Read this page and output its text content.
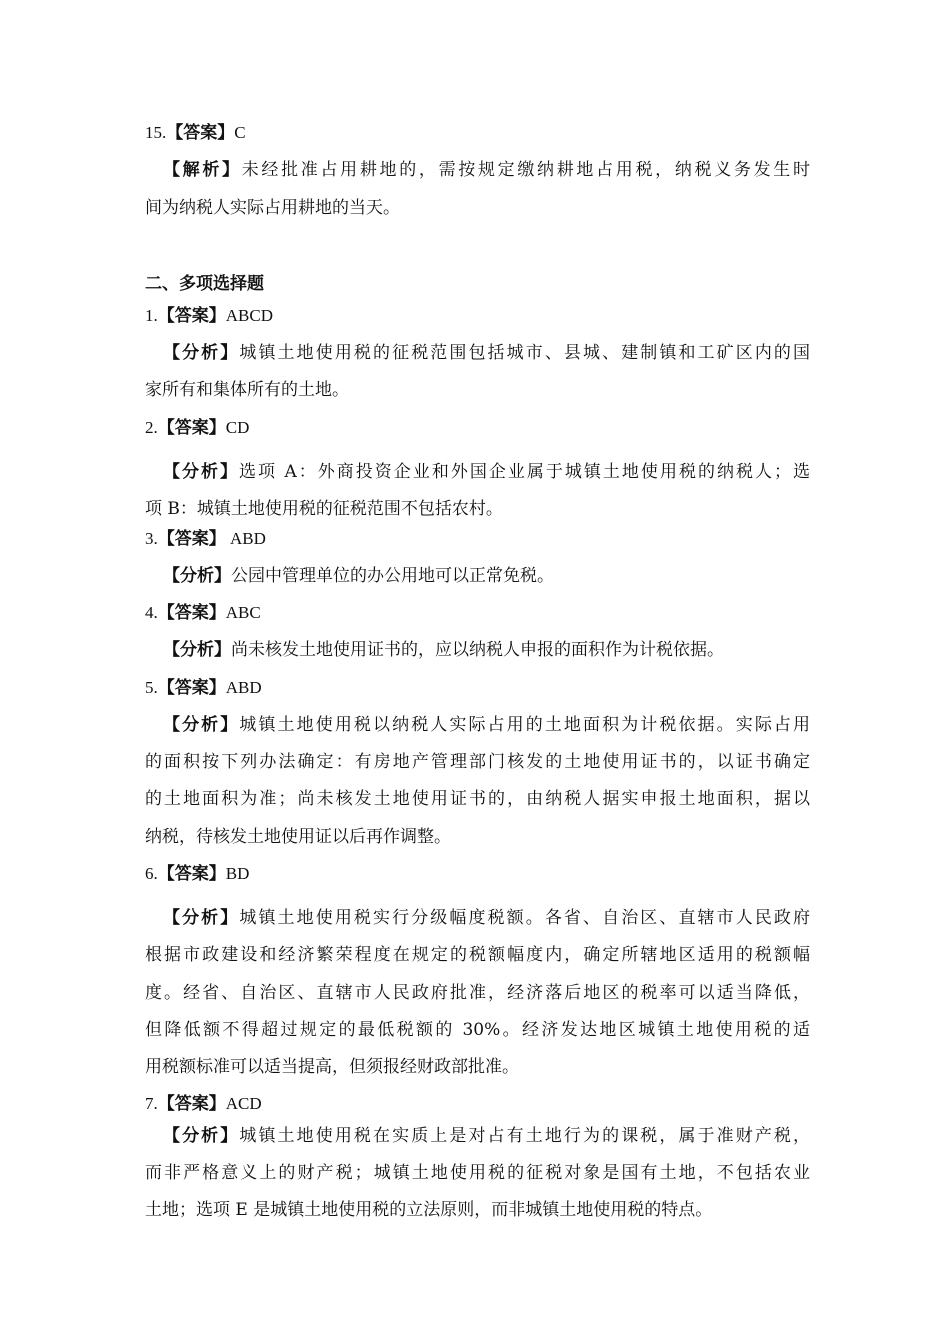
15.【答案】C
【解析】未经批准占用耕地的，需按规定缴纳耕地占用税，纳税义务发生时
间为纳税人实际占用耕地的当天。
二、多项选择题
1.【答案】ABCD
【分析】城镇土地使用税的征税范围包括城市、县城、建制镇和工矿区内的国
家所有和集体所有的土地。
2.【答案】CD
【分析】选项 A：外商投资企业和外国企业属于城镇土地使用税的纳税人；选
项 B：城镇土地使用税的征税范围不包括农村。
3.【答案】 ABD
【分析】公园中管理单位的办公用地可以正常免税。
4.【答案】ABC
【分析】尚未核发土地使用证书的，应以纳税人申报的面积作为计税依据。
5.【答案】ABD
【分析】城镇土地使用税以纳税人实际占用的土地面积为计税依据。实际占用
的面积按下列办法确定：有房地产管理部门核发的土地使用证书的，以证书确定
的土地面积为准；尚未核发土地使用证书的，由纳税人据实申报土地面积，据以
纳税，待核发土地使用证以后再作调整。
6.【答案】BD
【分析】城镇土地使用税实行分级幅度税额。各省、自治区、直辖市人民政府
根据市政建设和经济繁荣程度在规定的税额幅度内，确定所辖地区适用的税额幅
度。经省、自治区、直辖市人民政府批准，经济落后地区的税率可以适当降低，
但降低额不得超过规定的最低税额的 30%。经济发达地区城镇土地使用税的适
用税额标准可以适当提高，但须报经财政部批准。
7.【答案】ACD
【分析】城镇土地使用税在实质上是对占有土地行为的课税，属于准财产税，
而非严格意义上的财产税；城镇土地使用税的征税对象是国有土地，不包括农业
土地；选项 E 是城镇土地使用税的立法原则，而非城镇土地使用税的特点。
